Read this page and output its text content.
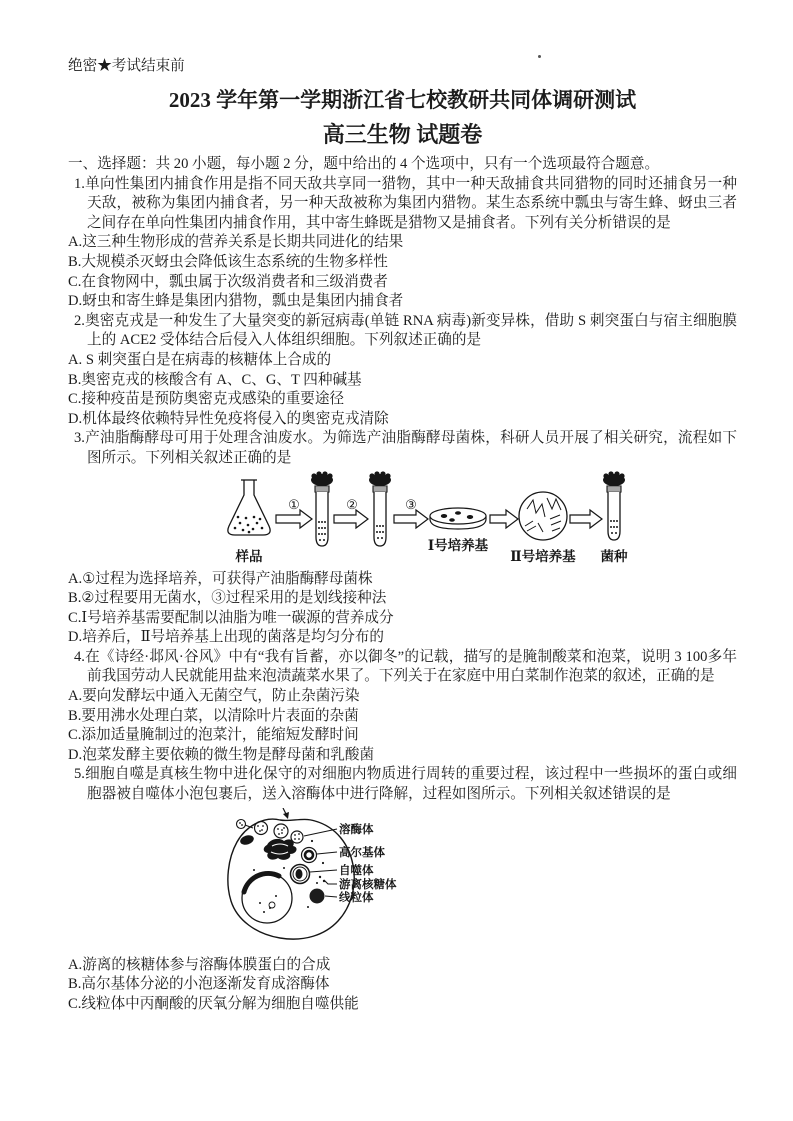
绝密★考试结束前
2023 学年第一学期浙江省七校教研共同体调研测试
高三生物 试题卷

一、选择题：共 20 小题，每小题 2 分，题中给出的 4 个选项中，只有一个选项最符合题意。

1.单向性集团内捕食作用是指不同天敌共享同一猎物，其中一种天敌捕食共同猎物的同时还捕食另一种天敌，被称为集团内捕食者，另一种天敌被称为集团内猎物。某生态系统中瓢虫与寄生蜂、蚜虫三者之间存在单向性集团内捕食作用，其中寄生蜂既是猎物又是捕食者。下列有关分析错误的是

A.这三种生物形成的营养关系是长期共同进化的结果

B.大规模杀灭蚜虫会降低该生态系统的生物多样性

C.在食物网中，瓢虫属于次级消费者和三级消费者

D.蚜虫和寄生蜂是集团内猎物，瓢虫是集团内捕食者

2.奥密克戎是一种发生了大量突变的新冠病毒(单链 RNA 病毒)新变异株，借助 S 刺突蛋白与宿主细胞膜上的 ACE2 受体结合后侵入人体组织细胞。下列叙述正确的是

A. S 刺突蛋白是在病毒的核糖体上合成的

B.奥密克戎的核酸含有 A、C、G、T 四种碱基

C.接种疫苗是预防奥密克戎感染的重要途径

D.机体最终依赖特异性免疫将侵入的奥密克戎清除

3.产油脂酶酵母可用于处理含油废水。为筛选产油脂酶酵母菌株，科研人员开展了相关研究，流程如下图所示。下列相关叙述正确的是

样品
①	②	③
Ⅰ号培养基
Ⅱ号培养基 菌种

A.①过程为选择培养，可获得产油脂酶酵母菌株

B.②过程要用无菌水，③过程采用的是划线接种法

C.Ⅰ号培养基需要配制以油脂为唯一碳源的营养成分

D.培养后，Ⅱ号培养基上出现的菌落是均匀分布的

4.在《诗经·邶风·谷风》中有“我有旨蓄，亦以御冬”的记载，描写的是腌制酸菜和泡菜，说明 3 100多年前我国劳动人民就能用盐来泡渍蔬菜水果了。下列关于在家庭中用白菜制作泡菜的叙述，正确的是

A.要向发酵坛中通入无菌空气，防止杂菌污染

B.要用沸水处理白菜，以清除叶片表面的杂菌

C.添加适量腌制过的泡菜汁，能缩短发酵时间

D.泡菜发酵主要依赖的微生物是酵母菌和乳酸菌

5.细胞自噬是真核生物中进化保守的对细胞内物质进行周转的重要过程，该过程中一些损坏的蛋白或细胞器被自噬体小泡包裹后，送入溶酶体中进行降解，过程如图所示。下列相关叙述错误的是

溶酶体
高尔基体
自噬体
游离核糖体
线粒体

A.游离的核糖体参与溶酶体膜蛋白的合成

B.高尔基体分泌的小泡逐渐发育成溶酶体

C.线粒体中丙酮酸的厌氧分解为细胞自噬供能
